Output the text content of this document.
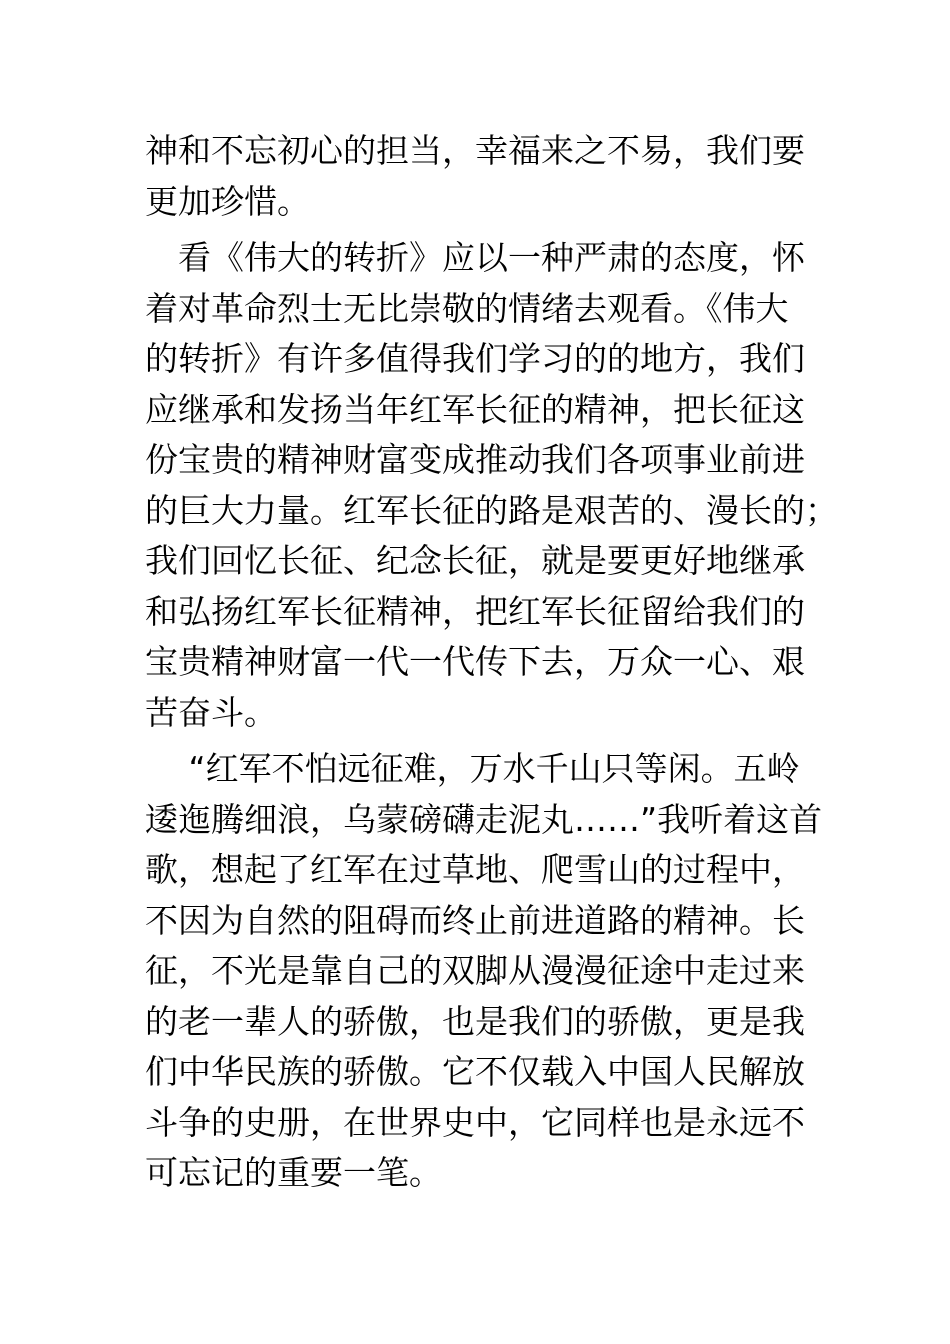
神和不忘初心的担当，幸福来之不易，我们要
更加珍惜。

　看《伟大的转折》应以一种严肃的态度，怀
着对革命烈士无比崇敬的情绪去观看。《伟大
的转折》有许多值得我们学习的的地方，我们
应继承和发扬当年红军长征的精神，把长征这
份宝贵的精神财富变成推动我们各项事业前进
的巨大力量。红军长征的路是艰苦的、漫长的；
我们回忆长征、纪念长征，就是要更好地继承
和弘扬红军长征精神，把红军长征留给我们的
宝贵精神财富一代一代传下去，万众一心、艰
苦奋斗。

　 “红军不怕远征难，万水千山只等闲。五岭
逶迤腾细浪，乌蒙磅礴走泥丸……”我听着这首
歌，想起了红军在过草地、爬雪山的过程中，
不因为自然的阻碍而终止前进道路的精神。长
征，不光是靠自己的双脚从漫漫征途中走过来
的老一辈人的骄傲，也是我们的骄傲，更是我
们中华民族的骄傲。它不仅载入中国人民解放
斗争的史册，在世界史中，它同样也是永远不
可忘记的重要一笔。
